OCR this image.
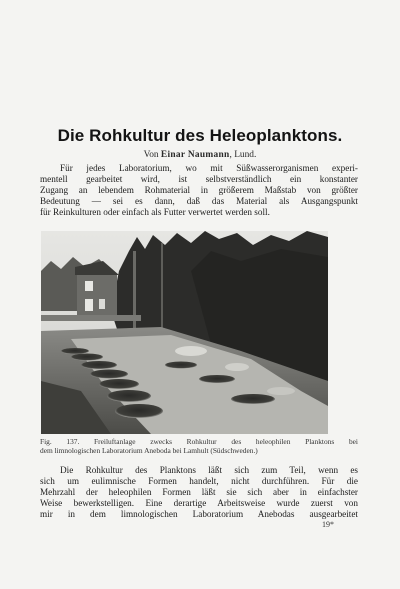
Die Rohkultur des Heleoplanktons.
Von Einar Naumann, Lund.
Für jedes Laboratorium, wo mit Süßwasserorganismen experi-
mentell gearbeitet wird, ist selbstverständlich ein konstanter
Zugang an lebendem Rohmaterial in größerem Maßstab von größter
Bedeutung — sei es dann, daß das Material als Ausgangspunkt
für Reinkulturen oder einfach als Futter verwertet werden soll.
Fig. 137. Freiluftanlage zwecks Rohkultur des heleophilen Planktons bei
dem limnologischen Laboratorium Aneboda bei Lamhult (Südschweden.)
Die Rohkultur des Planktons läßt sich zum Teil, wenn es
sich um eulimnische Formen handelt, nicht durchführen. Für die
Mehrzahl der heleophilen Formen läßt sie sich aber in einfachster
Weise bewerkstelligen. Eine derartige Arbeitsweise wurde zuerst von
mir in dem limnologischen Laboratorium Anebodas ausgearbeitet
19*
